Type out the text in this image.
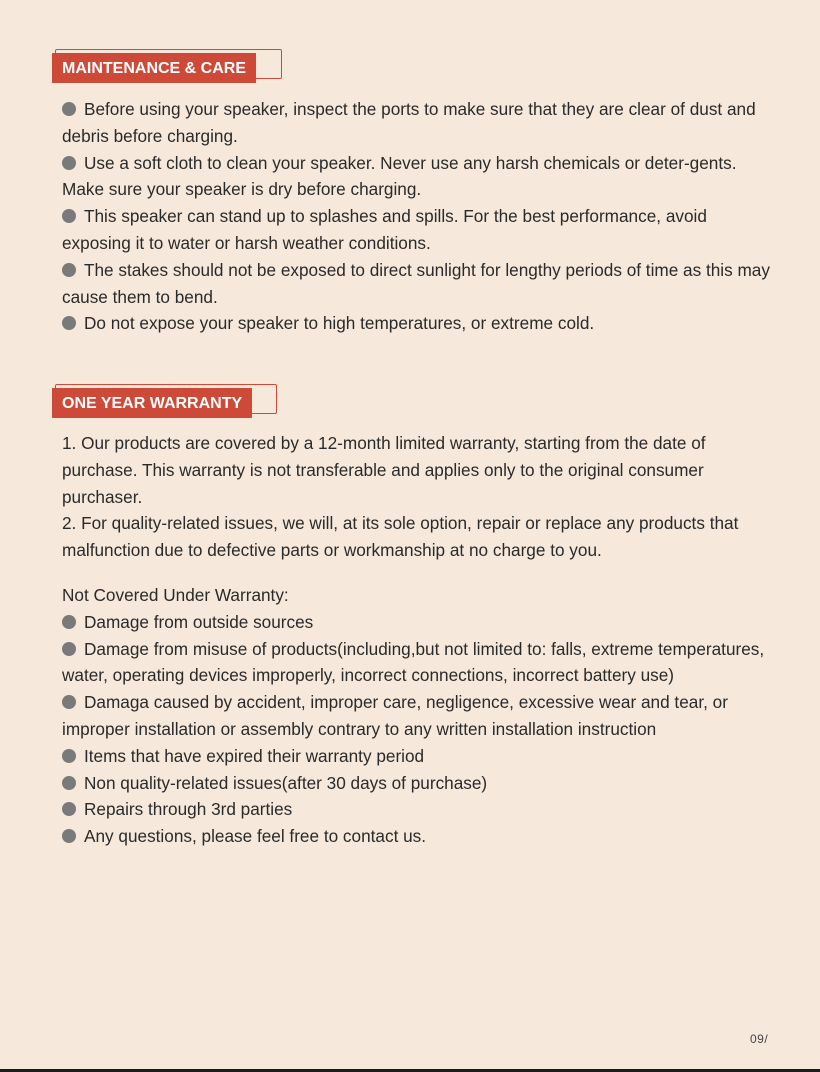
MAINTENANCE & CARE

Before using your speaker, inspect the ports to make sure that they are clear of dust and debris before charging.

Use a soft cloth to clean your speaker. Never use any harsh chemicals or deter-gents. Make sure your speaker is dry before charging.

This speaker can stand up to splashes and spills. For the best performance, avoid exposing it to water or harsh weather conditions.

The stakes should not be exposed to direct sunlight for lengthy periods of time as this may cause them to bend.

Do not expose your speaker to high temperatures, or extreme cold.

ONE YEAR WARRANTY

1. Our products are covered by a 12-month limited warranty, starting from the date of purchase. This warranty is not transferable and applies only to the original consumer purchaser.

2. For quality-related issues, we will, at its sole option, repair or replace any products that malfunction due to defective parts or workmanship at no charge to you.

Not Covered Under Warranty:

Damage from outside sources

Damage from misuse of products(including,but not limited to: falls, extreme temperatures, water, operating devices improperly, incorrect connections, incorrect battery use)

Damaga caused by accident, improper care, negligence, excessive wear and tear, or improper installation or assembly contrary to any written installation instruction

Items that have expired their warranty period

Non quality-related issues(after 30 days of purchase)

Repairs through 3rd parties

Any questions, please feel free to contact us.

09/
